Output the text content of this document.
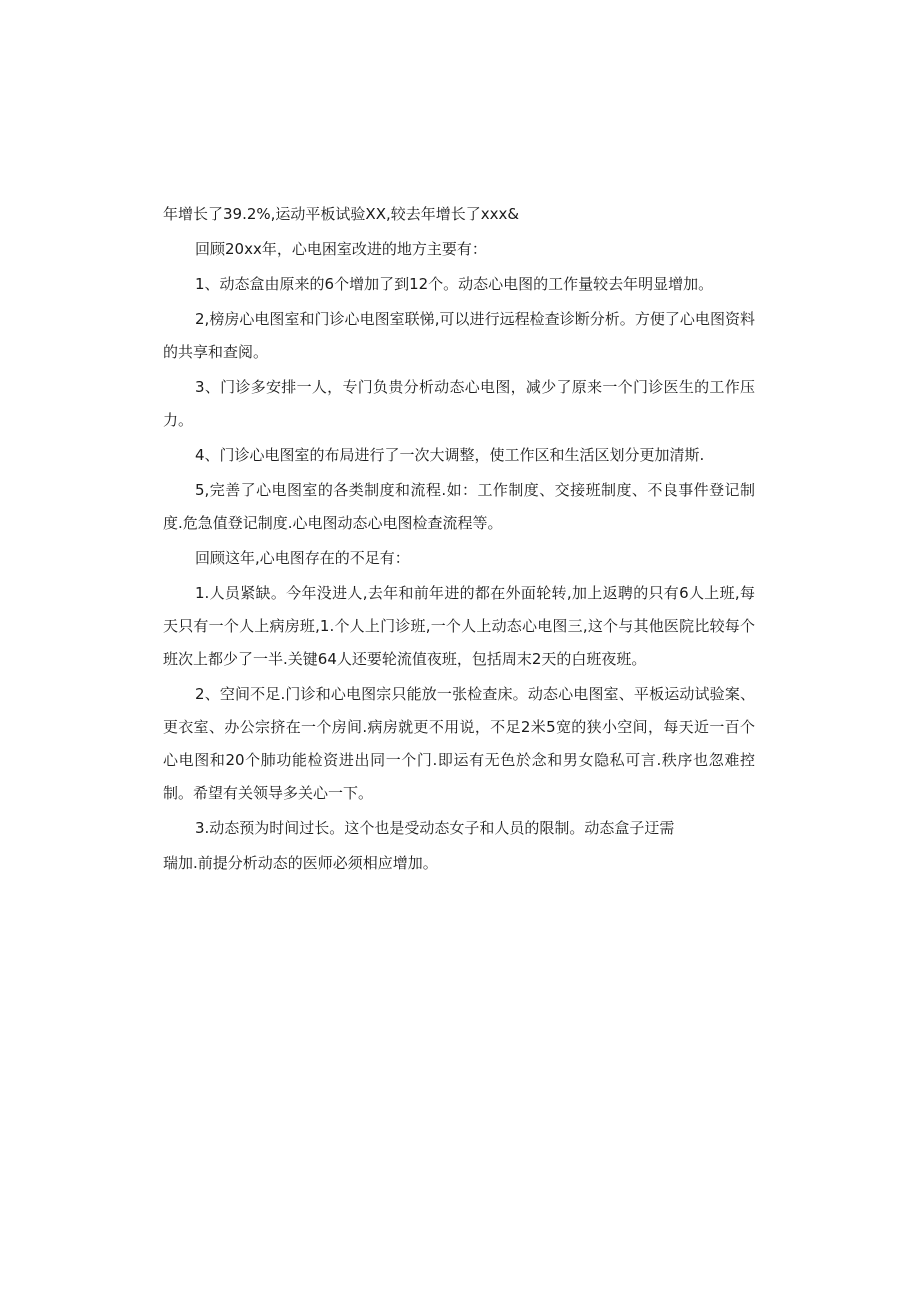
年增长了39.2%,运动平板试验XX,较去年增长了xxx&

回顾20xx年，心电困室改进的地方主要有：

1、动态盒由原来的6个增加了到12个。动态心电图的工作量较去年明显增加。

2,榜房心电图室和门诊心电图室联悌,可以进行远程检查诊断分析。方便了心电图资料的共享和查阅。

3、门诊多安排一人，专门负贵分析动态心电图，减少了原来一个门诊医生的工作压力。

4、门诊心电图室的布局进行了一次大调整，使工作区和生活区划分更加清斯.

5,完善了心电图室的各类制度和流程.如：工作制度、交接班制度、不良事件登记制度.危急值登记制度.心电图动态心电图检查流程等。

回顾这年,心电图存在的不足有：

1.人员紧缺。今年没进人,去年和前年进的都在外面轮转,加上返聘的只有6人上班,每天只有一个人上病房班,1.个人上门诊班,一个人上动态心电图三,这个与其他医院比较每个班次上都少了一半.关键64人还要轮流值夜班，包括周末2天的白班夜班。

2、空间不足.门诊和心电图宗只能放一张检查床。动态心电图室、平板运动试验案、更衣室、办公宗挤在一个房间.病房就更不用说，不足2米5宽的狭小空间，每天近一百个心电图和20个肺功能检资进出同一个门.即运有无色於念和男女隐私可言.秩序也忽难控制。希望有关领导多关心一下。

3.动态预为时间过长。这个也是受动态女子和人员的限制。动态盒子迂需

瑞加.前提分析动态的医师必须相应增加。
